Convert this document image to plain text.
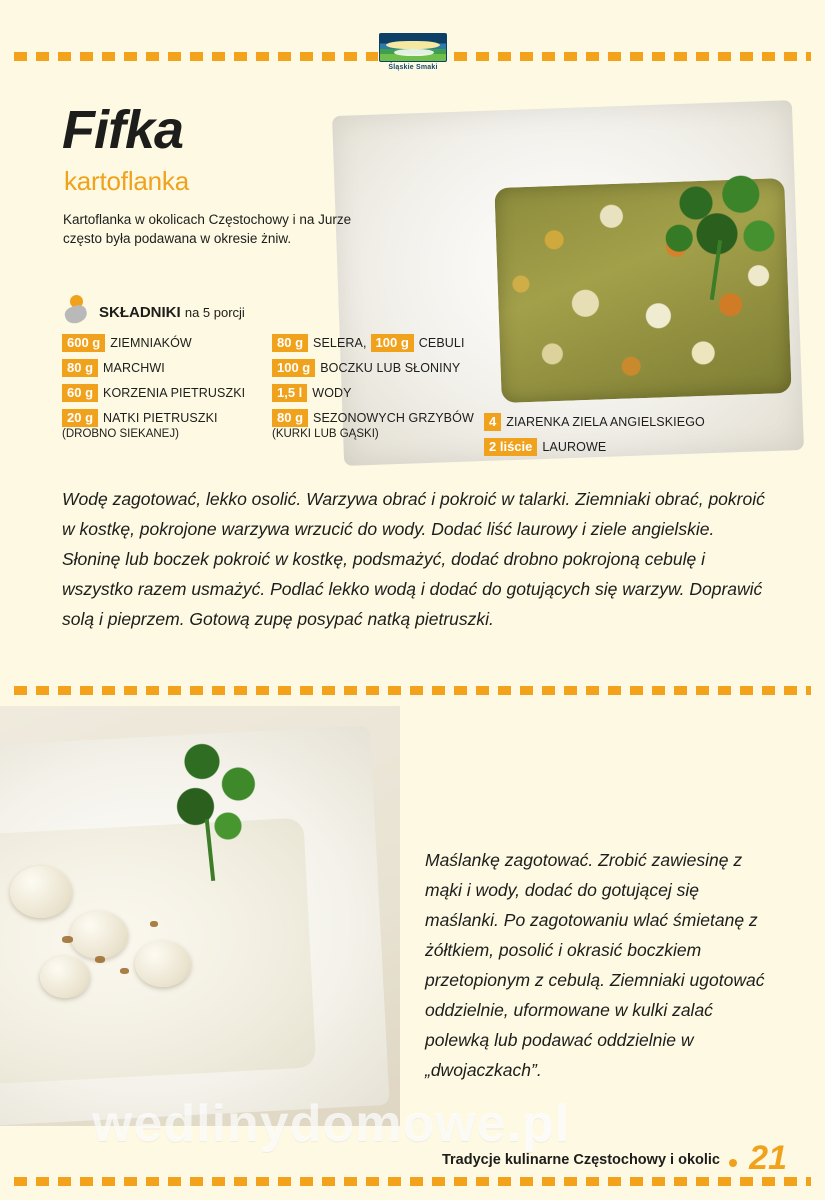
Śląskie Smaki
Fifka
kartoflanka
Kartoflanka w okolicach Częstochowy i na Jurze często była podawana w okresie żniw.
SKŁADNIKI na 5 porcji
600 g ZIEMNIAKÓW
80 g MARCHWI
60 g KORZENIA PIETRUSZKI
20 g NATKI PIETRUSZKI
(DROBNO SIEKANEJ)
80 g SELERA, 100 g CEBULI
100 g BOCZKU LUB SŁONINY
1,5 l WODY
80 g SEZONOWYCH GRZYBÓW
(KURKI LUB GĄSKI)
4 ZIARENKA ZIELA ANGIELSKIEGO
2 liście LAUROWE
Wodę zagotować, lekko osolić. Warzywa obrać i pokroić w talarki. Ziemniaki obrać, pokroić w kostkę, pokrojone warzywa wrzucić do wody. Dodać liść laurowy i ziele angielskie. Słoninę lub boczek pokroić w kostkę, podsmażyć, dodać drobno pokrojoną cebulę i wszystko razem usmażyć. Podlać lekko wodą i dodać do gotujących się warzyw. Doprawić solą i pieprzem. Gotową zupę posypać natką pietruszki.
Maślankę zagotować. Zrobić zawiesinę z mąki i wody, dodać do gotującej się maślanki. Po zagotowaniu wlać śmietanę z żółtkiem, posolić i okrasić boczkiem przetopionym z cebulą. Ziemniaki ugotować oddzielnie, uformowane w kulki zalać polewką lub podawać oddzielnie w „dwojaczkach”.
wedlinydomowe.pl
Tradycje kulinarne Częstochowy i okolic 21
